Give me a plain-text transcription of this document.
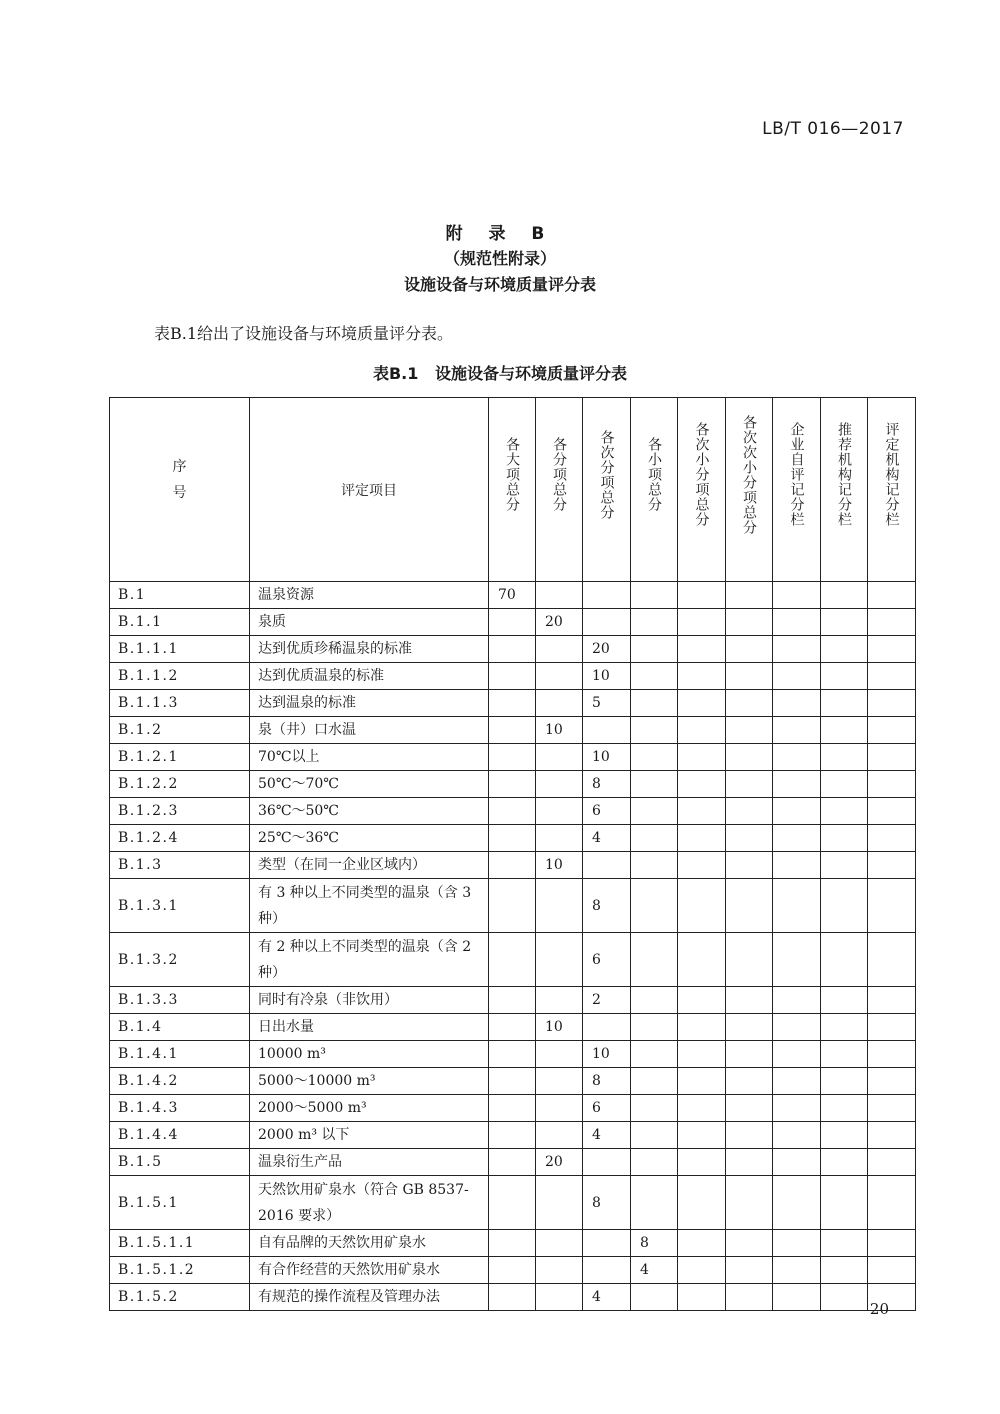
LB/T 016—2017
附 录 B
（规范性附录）
设施设备与环境质量评分表
表B.1给出了设施设备与环境质量评分表。
表B.1   设施设备与环境质量评分表
序
号	评定项目	各大项总分	各分项总分	各次分项总分	各小项总分	各次小分项总分	各次次小分项总分	企业自评记分栏	推荐机构记分栏	评定机构记分栏
B.1	温泉资源	70								
B.1.1	泉质		20							
B.1.1.1	达到优质珍稀温泉的标准			20						
B.1.1.2	达到优质温泉的标准			10						
B.1.1.3	达到温泉的标准			5						
B.1.2	泉（井）口水温		10							
B.1.2.1	70℃以上			10						
B.1.2.2	50℃～70℃			8						
B.1.2.3	36℃～50℃			6						
B.1.2.4	25℃～36℃			4						
B.1.3	类型（在同一企业区域内）		10							
B.1.3.1	有 3 种以上不同类型的温泉（含 3 种）			8						
B.1.3.2	有 2 种以上不同类型的温泉（含 2 种）			6						
B.1.3.3	同时有冷泉（非饮用）			2						
B.1.4	日出水量		10							
B.1.4.1	10000 m³			10						
B.1.4.2	5000～10000 m³			8						
B.1.4.3	2000～5000 m³			6						
B.1.4.4	2000 m³ 以下			4						
B.1.5	温泉衍生产品		20							
B.1.5.1	天然饮用矿泉水（符合 GB 8537-2016 要求）			8						
B.1.5.1.1	自有品牌的天然饮用矿泉水				8					
B.1.5.1.2	有合作经营的天然饮用矿泉水				4					
B.1.5.2	有规范的操作流程及管理办法			4						
20
